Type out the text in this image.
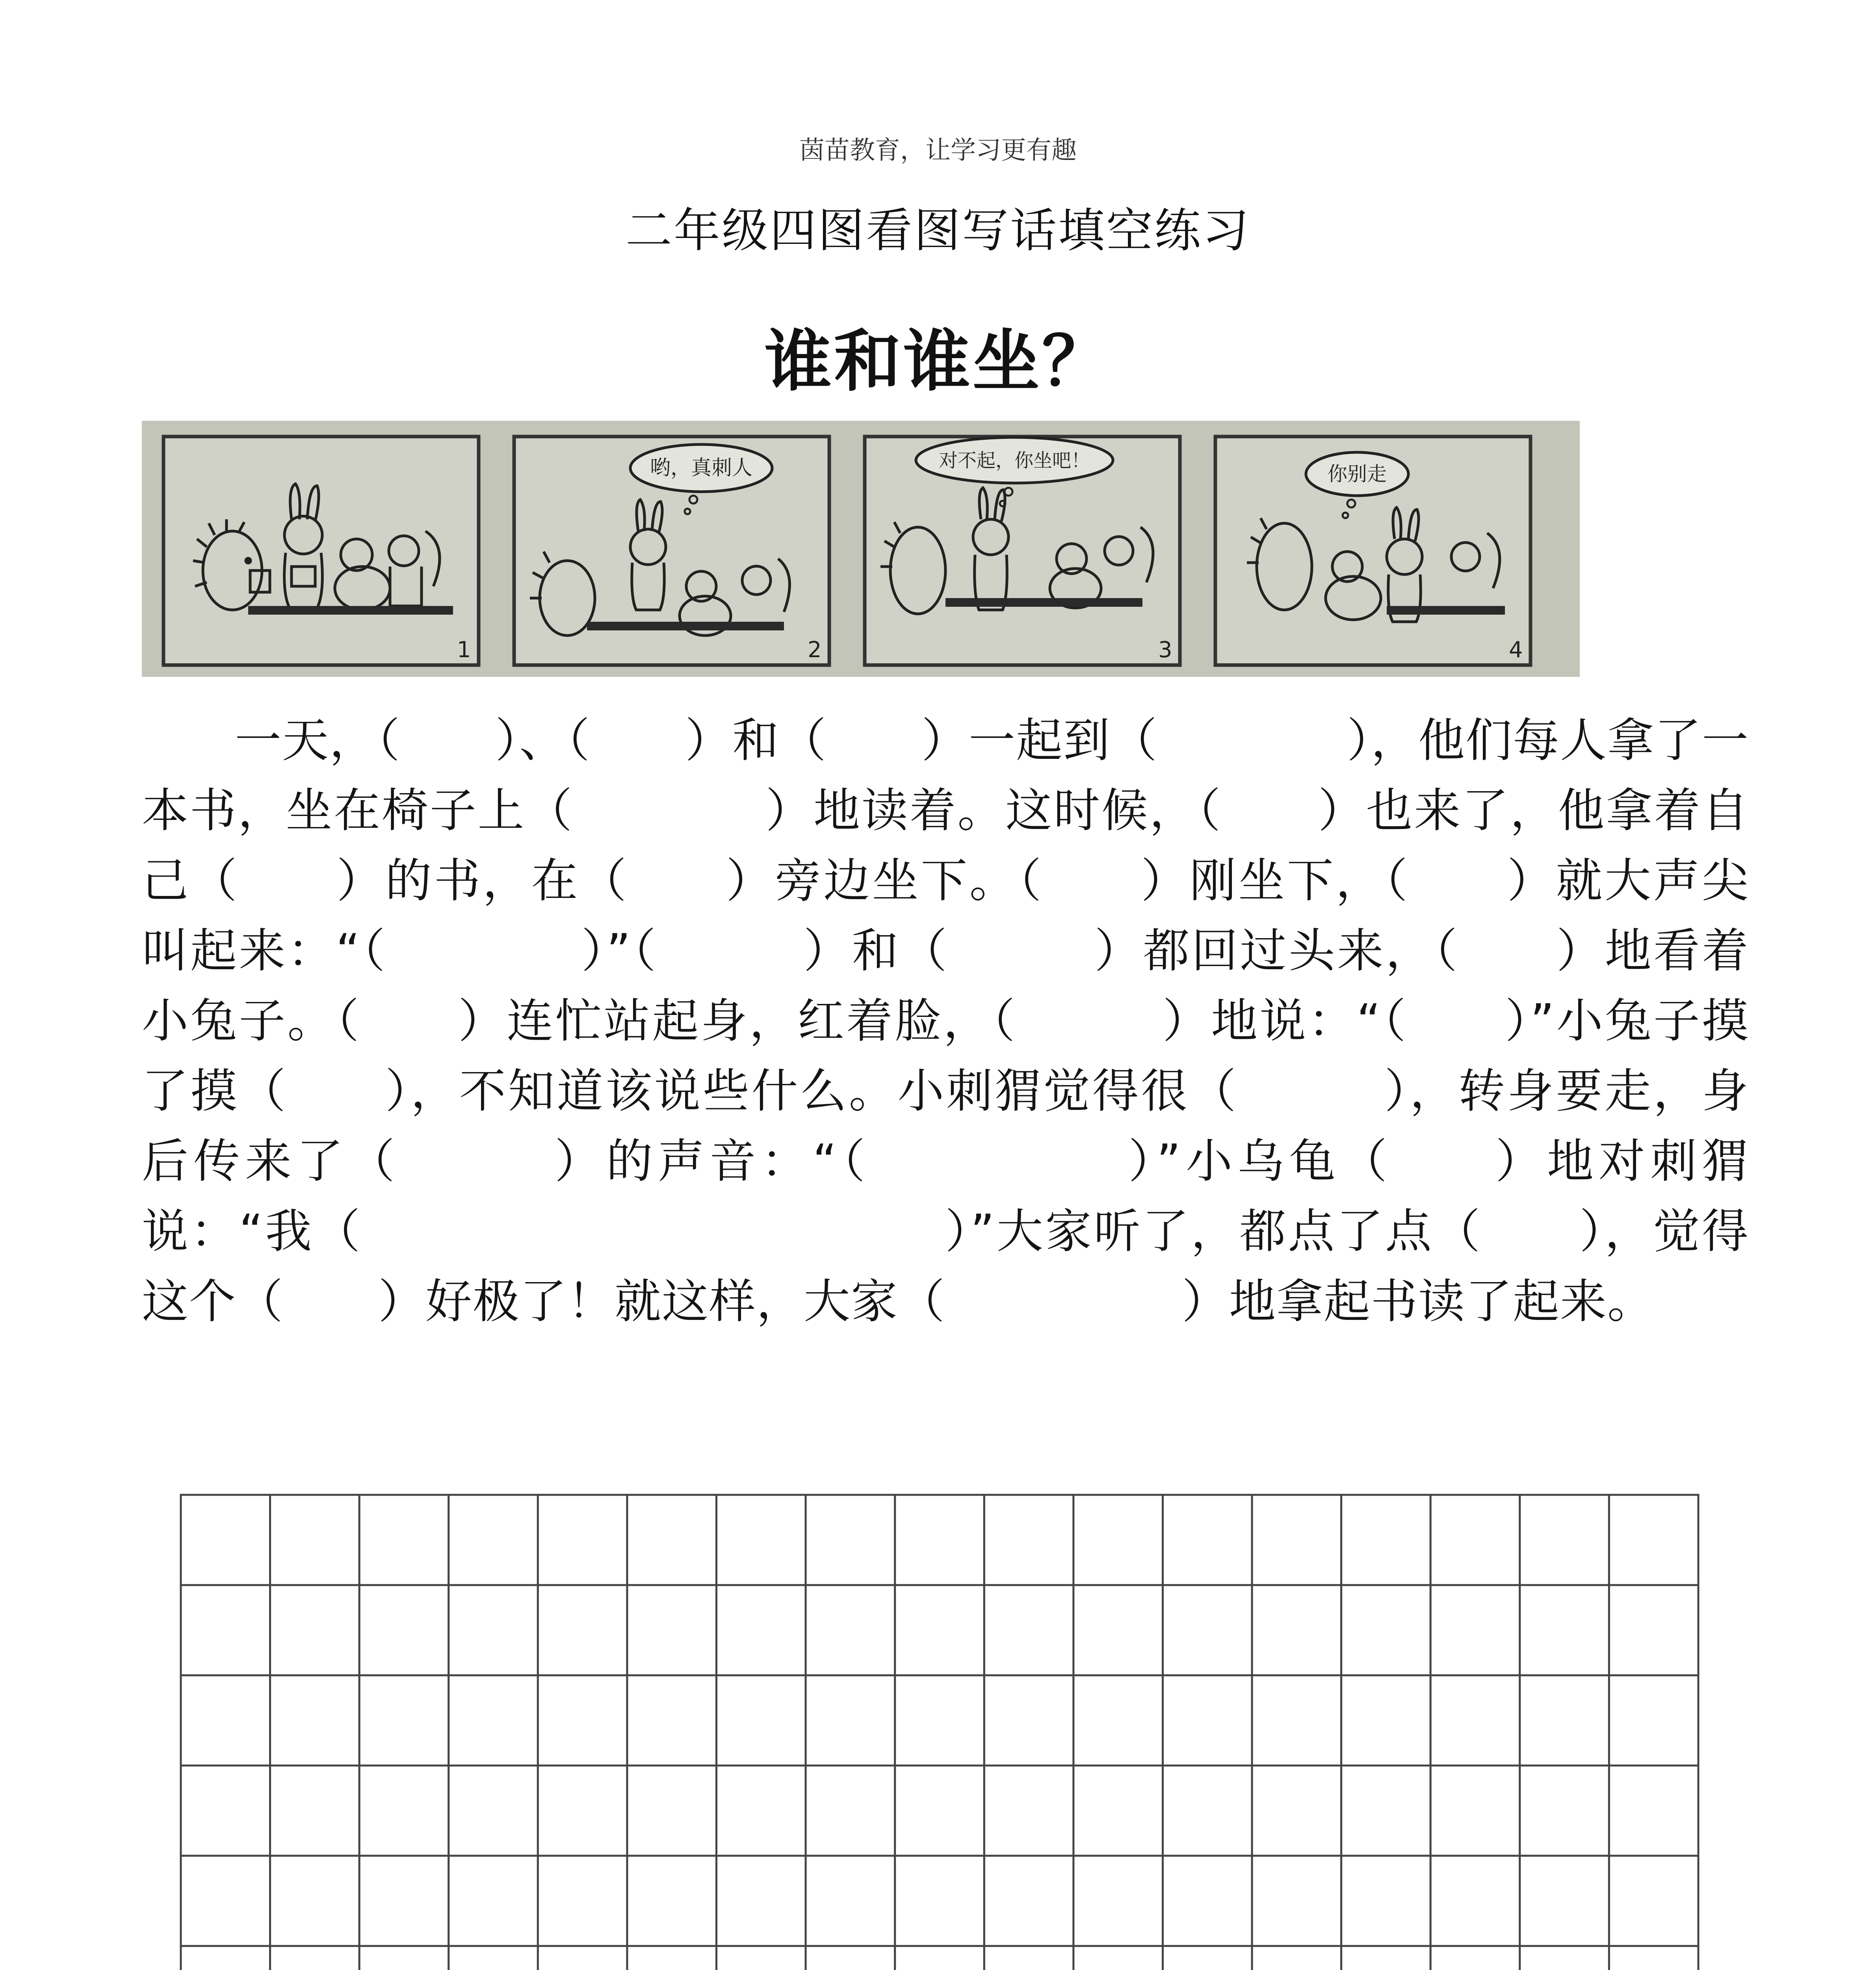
茵苗教育，让学习更有趣
二年级四图看图写话填空练习
谁和谁坐？
1
哟，真刺人
2
对不起，你坐吧！
3
你别走
4
一天，（　　）、（　　）和（　　）一起到（　　　　），他们每人拿了一本书，坐在椅子上（　　　　）地读着。这时候，（　　）也来了，他拿着自己（　　）的书，在（　　）旁边坐下。（　　）刚坐下，（　　）就大声尖叫起来：“（　　　　）”（　　　）和（　　　）都回过头来，（　　）地看着小兔子。（　　）连忙站起身，红着脸，（　　　）地说：“（　　）”小兔子摸了摸（　　），不知道该说些什么。小刺猬觉得很（　　　），转身要走，身后传来了（　　　）的声音：“（　　　　　）”小乌龟（　　）地对刺猬说：“我（　　　　　　　　　　　　）”大家听了，都点了点（　　），觉得这个（　　）好极了！就这样，大家（　　　　　）地拿起书读了起来。
